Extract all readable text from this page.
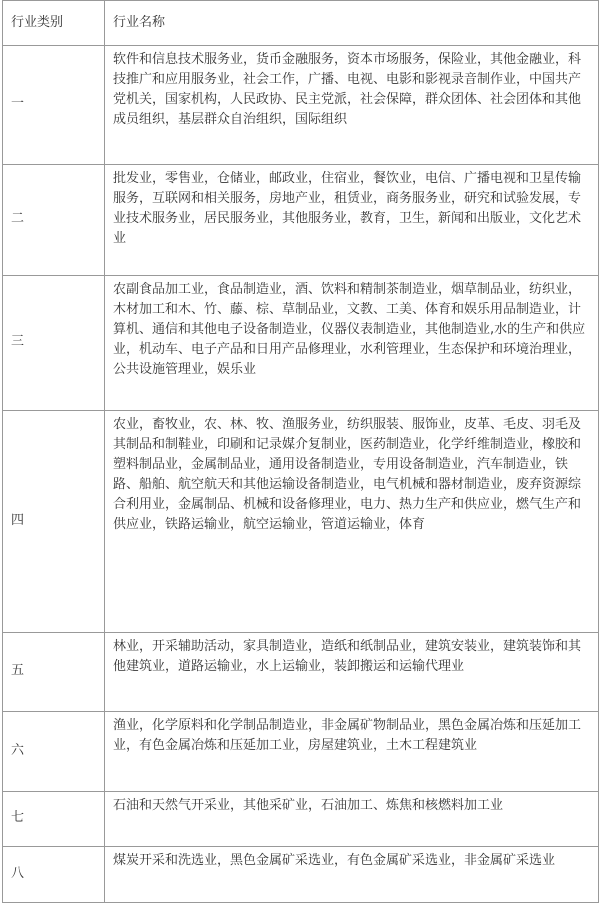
行业类别	行业名称
一	软件和信息技术服务业，货币金融服务，资本市场服务，保险业，其他金融业，科技推广和应用服务业，社会工作，广播、电视、电影和影视录音制作业，中国共产党机关，国家机构，人民政协、民主党派，社会保障，群众团体、社会团体和其他成员组织，基层群众自治组织，国际组织
二	批发业，零售业，仓储业，邮政业，住宿业，餐饮业，电信、广播电视和卫星传输服务，互联网和相关服务，房地产业，租赁业，商务服务业，研究和试验发展，专业技术服务业，居民服务业，其他服务业，教育，卫生，新闻和出版业，文化艺术业
三	农副食品加工业，食品制造业，酒、饮料和精制茶制造业，烟草制品业，纺织业，木材加工和木、竹、藤、棕、草制品业，文教、工美、体育和娱乐用品制造业，计算机、通信和其他电子设备制造业，仪器仪表制造业，其他制造业,水的生产和供应业，机动车、电子产品和日用产品修理业，水利管理业，生态保护和环境治理业，公共设施管理业，娱乐业
四	农业，畜牧业，农、林、牧、渔服务业，纺织服装、服饰业，皮革、毛皮、羽毛及其制品和制鞋业，印刷和记录媒介复制业，医药制造业，化学纤维制造业，橡胶和塑料制品业，金属制品业，通用设备制造业，专用设备制造业，汽车制造业，铁路、船舶、航空航天和其他运输设备制造业，电气机械和器材制造业，废弃资源综合利用业，金属制品、机械和设备修理业，电力、热力生产和供应业，燃气生产和供应业，铁路运输业，航空运输业，管道运输业，体育
五	林业，开采辅助活动，家具制造业，造纸和纸制品业，建筑安装业，建筑装饰和其他建筑业，道路运输业，水上运输业，装卸搬运和运输代理业
六	渔业，化学原料和化学制品制造业，非金属矿物制品业，黑色金属冶炼和压延加工业，有色金属冶炼和压延加工业，房屋建筑业，土木工程建筑业
七	石油和天然气开采业，其他采矿业，石油加工、炼焦和核燃料加工业
八	煤炭开采和洗选业，黑色金属矿采选业，有色金属矿采选业，非金属矿采选业
